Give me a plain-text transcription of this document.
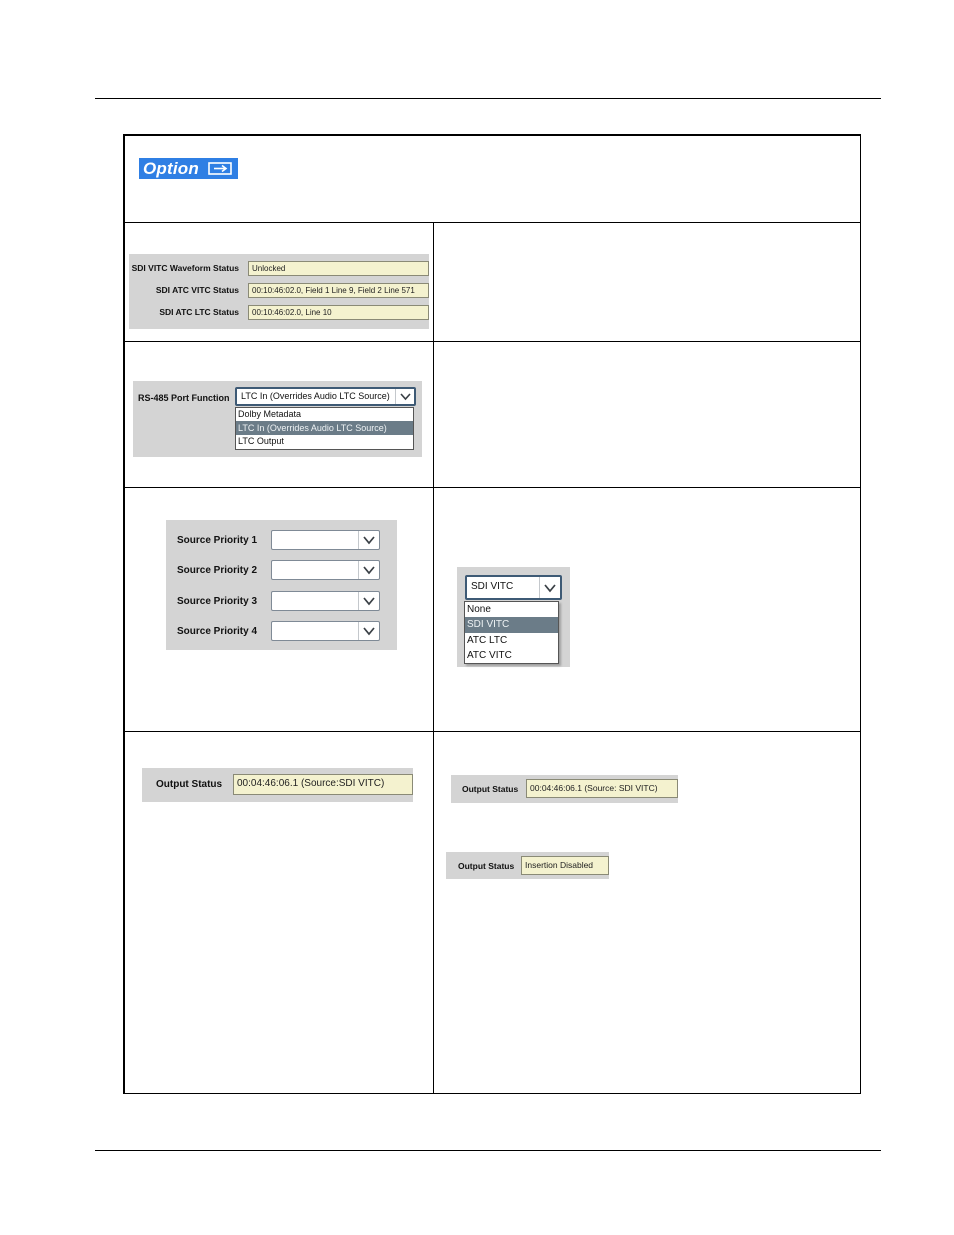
Option
SDI VITC Waveform Status	Unlocked
SDI ATC VITC Status	00:10:46:02.0, Field 1 Line 9, Field 2 Line 571
SDI ATC LTC Status	00:10:46:02.0, Line 10
RS-485 Port Function LTC In (Overrides Audio LTC Source)
Dolby Metadata
LTC In (Overrides Audio LTC Source)
LTC Output
Source Priority 1
Source Priority 2
Source Priority 3
Source Priority 4
SDI VITC
None
SDI VITC
ATC LTC
ATC VITC
Output Status	00:04:46:06.1 (Source:SDI VITC)	Output Status	00:04:46:06.1 (Source: SDI VITC)
Output Status	Insertion Disabled
